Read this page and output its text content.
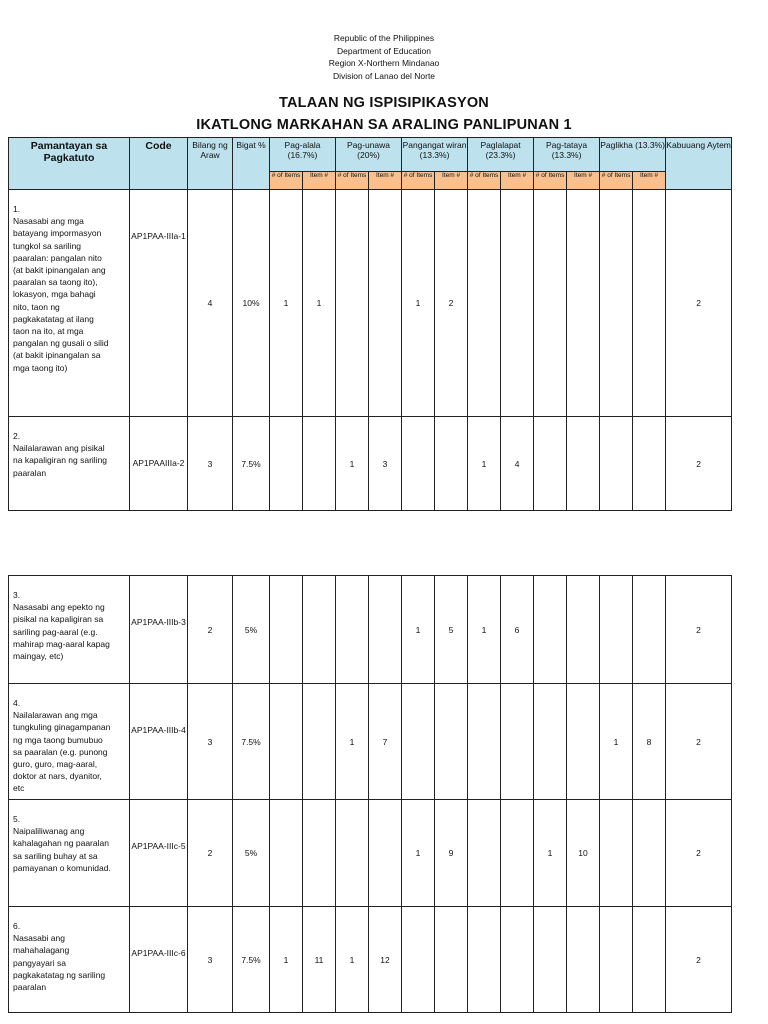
Republic of the Philippines
Department of Education
Region X-Northern Mindanao
Division of Lanao del Norte
TALAAN NG ISPISIPIKASYON
IKATLONG MARKAHAN SA ARALING PANLIPUNAN 1
Pamantayan sa Pagkatuto	Code	Bilang ng Araw	Bigat %	Pag-alala (16.7%)		Pag-unawa (20%)		Pangangat wiran (13.3%)		Paglalapat (23.3%)		Pag-tataya (13.3%)		Paglikha (13.3%)		Kabuuang Aytem
				# of Items	Item #	# of Items	Item #	# of Items	Item #	# of Items	Item #	# of Items	Item #	# of Items	Item #	
1.Nasasabi ang mga batayang impormasyon tungkol sa sariling paaralan: pangalan nito (at bakit ipinangalan ang paaralan sa taong ito), lokasyon, mga bahagi nito, taon ng pagkakatatag at ilang taon na ito, at mga pangalan ng gusali o silid (at bakit ipinangalan sa mga taong ito)	AP1PAA-IIIa-1	4	10%	1	1			1	2							2
2.Nailalarawan ang pisikal na kapaligiran ng sariling paaralan	AP1PAAIIIa-2	3	7.5%			1	3			1	4					2
3.Nasasabi ang epekto ng pisikal na kapaligiran sa sariling pag-aaral (e.g. mahirap mag-aaral kapag maingay, etc)	AP1PAA-IIIb-3	2	5%					1	5	1	6					2
4.Nailalarawan ang mga tungkuling ginagampanan ng mga taong bumubuo sa paaralan (e.g. punong guro, guro, mag-aaral, doktor at nars, dyanitor, etc	AP1PAA-IIIb-4	3	7.5%			1	7							1	8	2
5.Naipaliliwanag ang kahalagahan ng paaralan sa sariling buhay at sa pamayanan o komunidad.	AP1PAA-IIIc-5	2	5%					1	9			1	10			2
6.Nasasabi ang mahahalagang pangyayari sa pagkakatatag ng sariling paaralan	AP1PAA-IIIc-6	3	7.5%	1	11	1	12									2
